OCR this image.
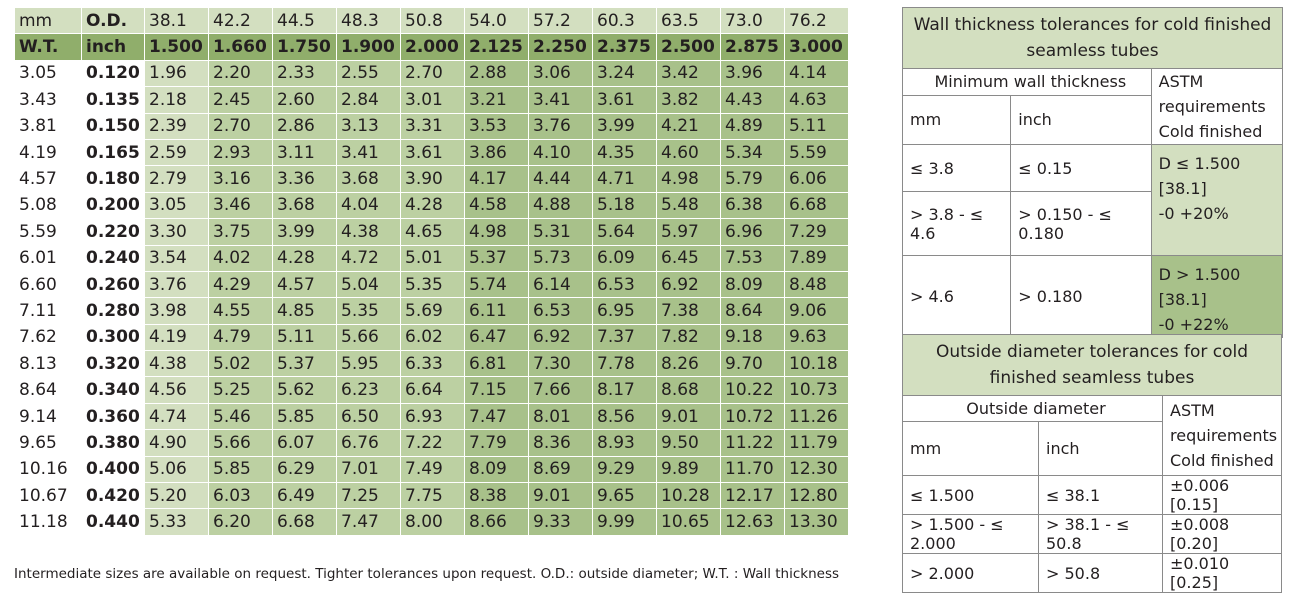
mm	O.D.	38.1	42.2	44.5	48.3	50.8	54.0	57.2	60.3	63.5	73.0	76.2
W.T.	inch	1.500	1.660	1.750	1.900	2.000	2.125	2.250	2.375	2.500	2.875	3.000
3.05	0.120	1.96	2.20	2.33	2.55	2.70	2.88	3.06	3.24	3.42	3.96	4.14
3.43	0.135	2.18	2.45	2.60	2.84	3.01	3.21	3.41	3.61	3.82	4.43	4.63
3.81	0.150	2.39	2.70	2.86	3.13	3.31	3.53	3.76	3.99	4.21	4.89	5.11
4.19	0.165	2.59	2.93	3.11	3.41	3.61	3.86	4.10	4.35	4.60	5.34	5.59
4.57	0.180	2.79	3.16	3.36	3.68	3.90	4.17	4.44	4.71	4.98	5.79	6.06
5.08	0.200	3.05	3.46	3.68	4.04	4.28	4.58	4.88	5.18	5.48	6.38	6.68
5.59	0.220	3.30	3.75	3.99	4.38	4.65	4.98	5.31	5.64	5.97	6.96	7.29
6.01	0.240	3.54	4.02	4.28	4.72	5.01	5.37	5.73	6.09	6.45	7.53	7.89
6.60	0.260	3.76	4.29	4.57	5.04	5.35	5.74	6.14	6.53	6.92	8.09	8.48
7.11	0.280	3.98	4.55	4.85	5.35	5.69	6.11	6.53	6.95	7.38	8.64	9.06
7.62	0.300	4.19	4.79	5.11	5.66	6.02	6.47	6.92	7.37	7.82	9.18	9.63
8.13	0.320	4.38	5.02	5.37	5.95	6.33	6.81	7.30	7.78	8.26	9.70	10.18
8.64	0.340	4.56	5.25	5.62	6.23	6.64	7.15	7.66	8.17	8.68	10.22	10.73
9.14	0.360	4.74	5.46	5.85	6.50	6.93	7.47	8.01	8.56	9.01	10.72	11.26
9.65	0.380	4.90	5.66	6.07	6.76	7.22	7.79	8.36	8.93	9.50	11.22	11.79
10.16	0.400	5.06	5.85	6.29	7.01	7.49	8.09	8.69	9.29	9.89	11.70	12.30
10.67	0.420	5.20	6.03	6.49	7.25	7.75	8.38	9.01	9.65	10.28	12.17	12.80
11.18	0.440	5.33	6.20	6.68	7.47	8.00	8.66	9.33	9.99	10.65	12.63	13.30
Wall thickness tolerances for cold finished seamless tubes		
Minimum wall thickness		ASTM requirements Cold finished
mm	inch	
≤ 3.8	≤ 0.15	D ≤ 1.500
[38.1]
-0 +20%

> 3.8 - ≤ 4.6	> 0.150 - ≤ 0.180	
> 4.6	> 0.180	D > 1.500
[38.1]
-0 +22%
Outside diameter tolerances for cold finished seamless tubes		
Outside diameter		ASTM requirements Cold finished
mm	inch	
≤ 1.500	≤ 38.1	±0.006 [0.15]
> 1.500 - ≤ 2.000	> 38.1 - ≤ 50.8	±0.008 [0.20]
> 2.000	> 50.8	±0.010 [0.25]
Intermediate sizes are available on request. Tighter tolerances upon request. O.D.: outside diameter; W.T. : Wall thickness
